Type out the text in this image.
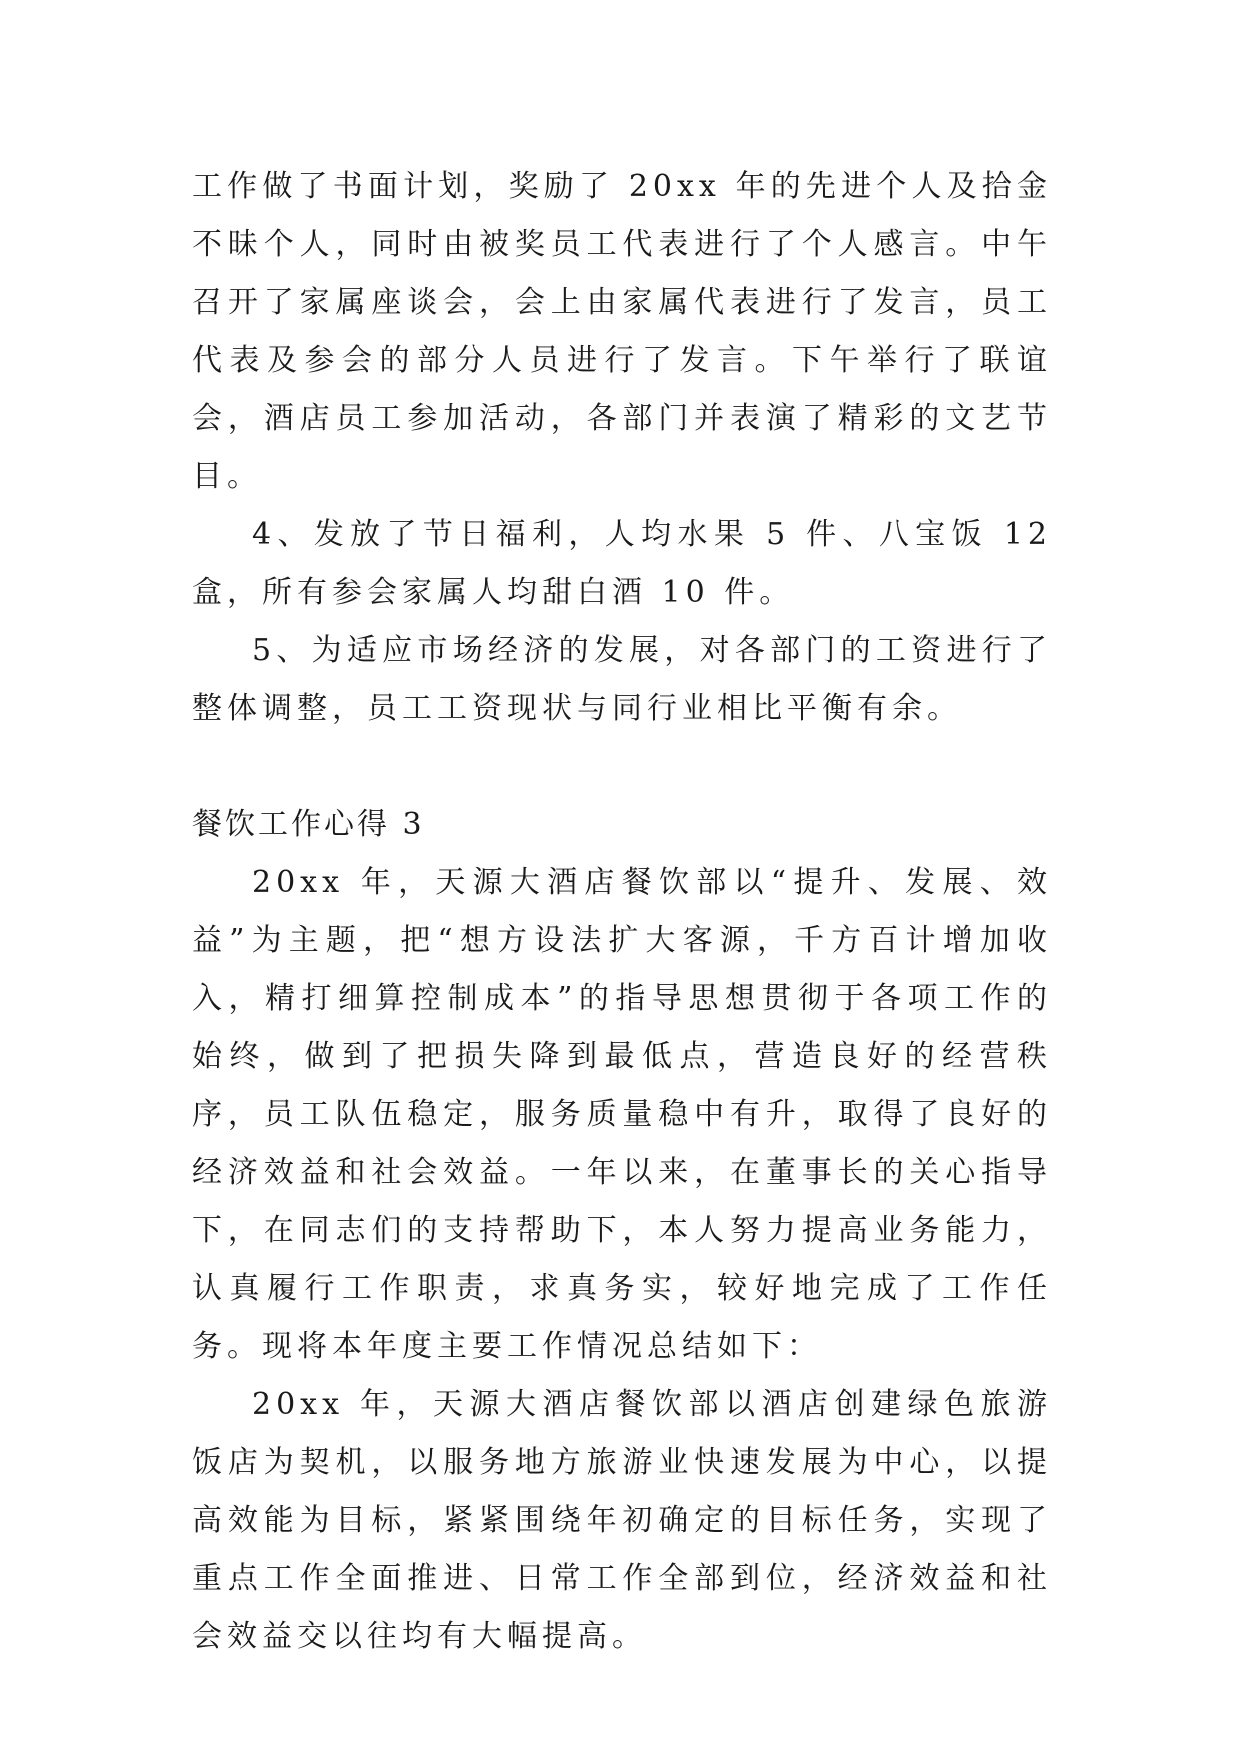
工作做了书面计划，奖励了 20xx 年的先进个人及拾金不昧个人，同时由被奖员工代表进行了个人感言。中午召开了家属座谈会，会上由家属代表进行了发言，员工代表及参会的部分人员进行了发言。下午举行了联谊会，酒店员工参加活动，各部门并表演了精彩的文艺节目。

4、发放了节日福利，人均水果 5 件、八宝饭 12 盒，所有参会家属人均甜白酒 10 件。

5、为适应市场经济的发展，对各部门的工资进行了整体调整，员工工资现状与同行业相比平衡有余。

餐饮工作心得 3

20xx 年，天源大酒店餐饮部以“提升、发展、效益”为主题，把“想方设法扩大客源，千方百计增加收入，精打细算控制成本”的指导思想贯彻于各项工作的始终，做到了把损失降到最低点，营造良好的经营秩序，员工队伍稳定，服务质量稳中有升，取得了良好的经济效益和社会效益。一年以来，在董事长的关心指导下，在同志们的支持帮助下，本人努力提高业务能力，认真履行工作职责，求真务实，较好地完成了工作任务。现将本年度主要工作情况总结如下：

20xx 年，天源大酒店餐饮部以酒店创建绿色旅游饭店为契机，以服务地方旅游业快速发展为中心，以提高效能为目标，紧紧围绕年初确定的目标任务，实现了重点工作全面推进、日常工作全部到位，经济效益和社会效益交以往均有大幅提高。
